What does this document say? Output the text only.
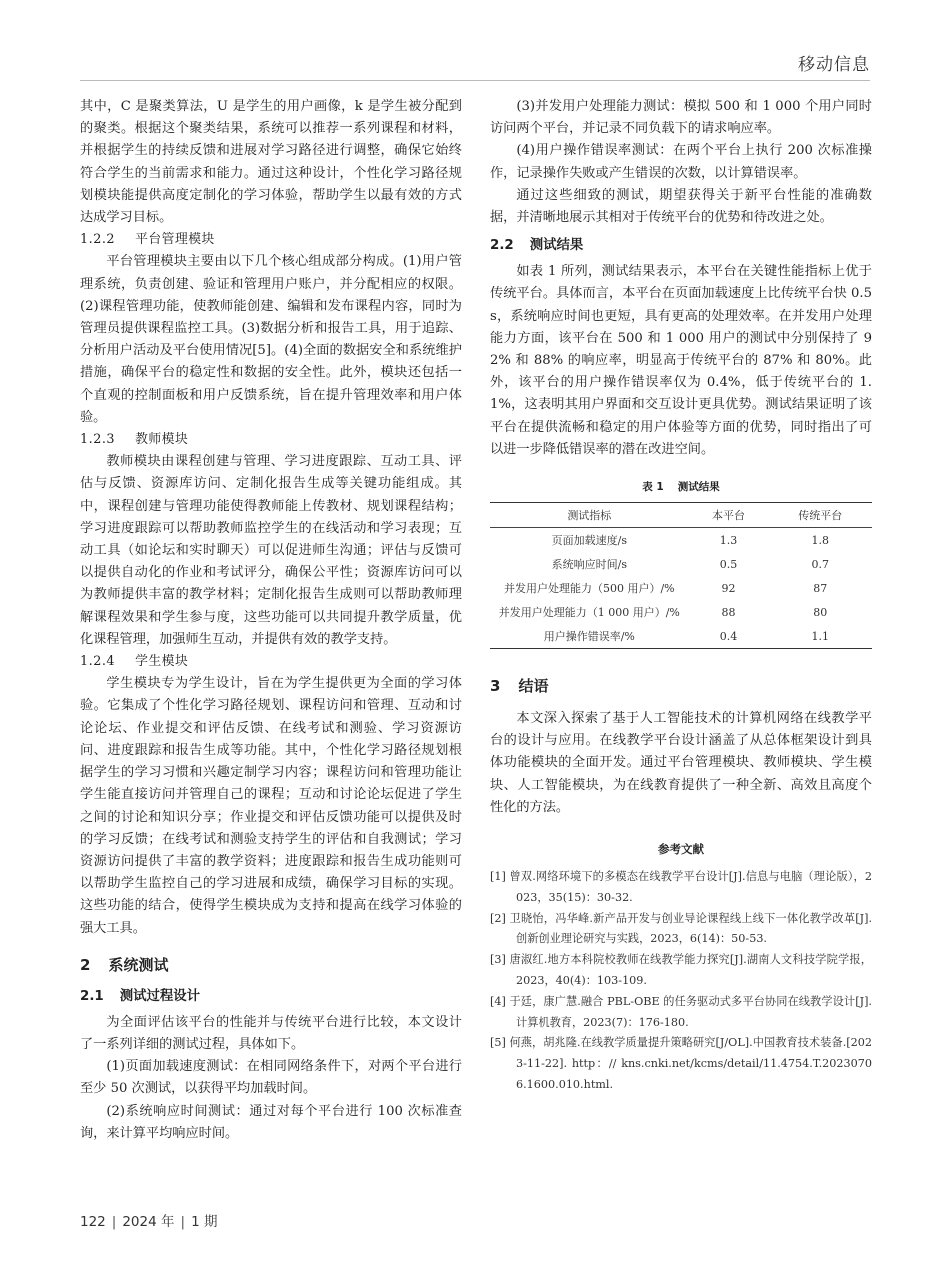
移动信息

其中，C 是聚类算法，U 是学生的用户画像，k 是学生被分配到的聚类。根据这个聚类结果，系统可以推荐一系列课程和材料，并根据学生的持续反馈和进展对学习路径进行调整，确保它始终符合学生的当前需求和能力。通过这种设计，个性化学习路径规划模块能提供高度定制化的学习体验，帮助学生以最有效的方式达成学习目标。

1.2.2 平台管理模块

平台管理模块主要由以下几个核心组成部分构成。(1)用户管理系统，负责创建、验证和管理用户账户，并分配相应的权限。(2)课程管理功能，使教师能创建、编辑和发布课程内容，同时为管理员提供课程监控工具。(3)数据分析和报告工具，用于追踪、分析用户活动及平台使用情况[5]。(4)全面的数据安全和系统维护措施，确保平台的稳定性和数据的安全性。此外，模块还包括一个直观的控制面板和用户反馈系统，旨在提升管理效率和用户体验。

1.2.3 教师模块

教师模块由课程创建与管理、学习进度跟踪、互动工具、评估与反馈、资源库访问、定制化报告生成等关键功能组成。其中，课程创建与管理功能使得教师能上传教材、规划课程结构；学习进度跟踪可以帮助教师监控学生的在线活动和学习表现；互动工具（如论坛和实时聊天）可以促进师生沟通；评估与反馈可以提供自动化的作业和考试评分，确保公平性；资源库访问可以为教师提供丰富的教学材料；定制化报告生成则可以帮助教师理解课程效果和学生参与度，这些功能可以共同提升教学质量，优化课程管理，加强师生互动，并提供有效的教学支持。

1.2.4 学生模块

学生模块专为学生设计，旨在为学生提供更为全面的学习体验。它集成了个性化学习路径规划、课程访问和管理、互动和讨论论坛、作业提交和评估反馈、在线考试和测验、学习资源访问、进度跟踪和报告生成等功能。其中，个性化学习路径规划根据学生的学习习惯和兴趣定制学习内容；课程访问和管理功能让学生能直接访问并管理自己的课程；互动和讨论论坛促进了学生之间的讨论和知识分享；作业提交和评估反馈功能可以提供及时的学习反馈；在线考试和测验支持学生的评估和自我测试；学习资源访问提供了丰富的教学资料；进度跟踪和报告生成功能则可以帮助学生监控自己的学习进展和成绩，确保学习目标的实现。这些功能的结合，使得学生模块成为支持和提高在线学习体验的强大工具。

2 系统测试
2.1 测试过程设计

为全面评估该平台的性能并与传统平台进行比较，本文设计了一系列详细的测试过程，具体如下。

(1)页面加载速度测试：在相同网络条件下，对两个平台进行至少 50 次测试，以获得平均加载时间。

(2)系统响应时间测试：通过对每个平台进行 100 次标准查询，来计算平均响应时间。

(3)并发用户处理能力测试：模拟 500 和 1 000 个用户同时访问两个平台，并记录不同负载下的请求响应率。

(4)用户操作错误率测试：在两个平台上执行 200 次标准操作，记录操作失败或产生错误的次数，以计算错误率。

通过这些细致的测试，期望获得关于新平台性能的准确数据，并清晰地展示其相对于传统平台的优势和待改进之处。

2.2 测试结果

如表 1 所列，测试结果表示，本平台在关键性能指标上优于传统平台。具体而言，本平台在页面加载速度上比传统平台快 0.5s，系统响应时间也更短，具有更高的处理效率。在并发用户处理能力方面，该平台在 500 和 1 000 用户的测试中分别保持了 92% 和 88% 的响应率，明显高于传统平台的 87% 和 80%。此外，该平台的用户操作错误率仅为 0.4%，低于传统平台的 1.1%，这表明其用户界面和交互设计更具优势。测试结果证明了该平台在提供流畅和稳定的用户体验等方面的优势，同时指出了可以进一步降低错误率的潜在改进空间。

表 1 测试结果
测试指标	本平台	传统平台
页面加载速度/s	1.3	1.8
系统响应时间/s	0.5	0.7
并发用户处理能力（500 用户）/%	92	87
并发用户处理能力（1 000 用户）/%	88	80
用户操作错误率/%	0.4	1.1
3 结语

本文深入探索了基于人工智能技术的计算机网络在线教学平台的设计与应用。在线教学平台设计涵盖了从总体框架设计到具体功能模块的全面开发。通过平台管理模块、教师模块、学生模块、人工智能模块，为在线教育提供了一种全新、高效且高度个性化的方法。

参考文献
[1] 曾双.网络环境下的多模态在线教学平台设计[J].信息与电脑（理论版），2023，35(15)：30-32.
[2] 卫晓怡，冯华峰.新产品开发与创业导论课程线上线下一体化教学改革[J].创新创业理论研究与实践，2023，6(14)：50-53.
[3] 唐淑红.地方本科院校教师在线教学能力探究[J].湖南人文科技学院学报，2023，40(4)：103-109.
[4] 于廷，康广慧.融合 PBL-OBE 的任务驱动式多平台协同在线教学设计[J].计算机教育，2023(7)：176-180.
[5] 何燕，胡兆隆.在线教学质量提升策略研究[J/OL].中国教育技术装备.[2023-11-22]. http：// kns.cnki.net/kcms/detail/11.4754.T.20230706.1600.010.html.
122 | 2024 年 | 1 期
